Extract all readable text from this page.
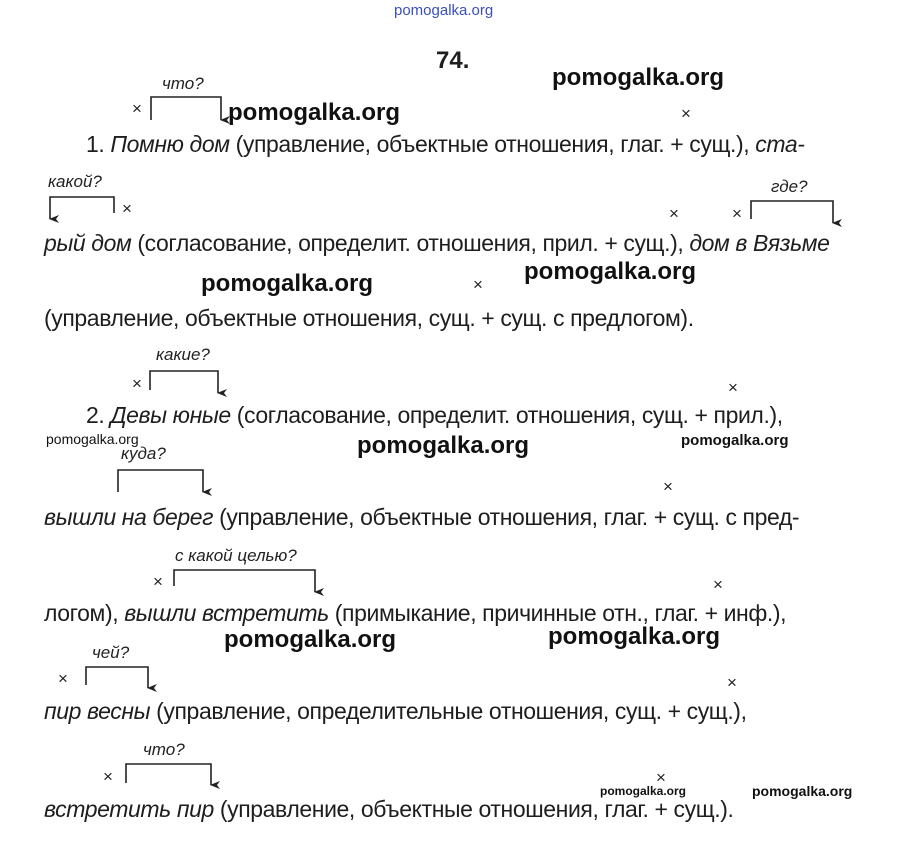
pomogalka.org
74.
pomogalka.org
pomogalka.org
pomogalka.org
pomogalka.org
pomogalka.org
pomogalka.org	pomogalka.org
pomogalka.org	pomogalka.org
pomogalka.org	pomogalka.org
что?
какой?	где?
какие?
куда?
с какой целью?
чей?
что?
×	×
×	×	×
×
×	×
×
×	×
×	×
×	×
1. Помню дом (управление, объектные отношения, глаг. + сущ.), ста-
рый дом (согласование, определит. отношения, прил. + сущ.), дом в Вязьме
(управление, объектные отношения, сущ. + сущ. с предлогом).
2. Девы юные (согласование, определит. отношения, сущ. + прил.),
вышли на берег (управление, объектные отношения, глаг. + сущ. с пред-
логом), вышли встретить (примыкание, причинные отн., глаг. + инф.),
пир весны (управление, определительные отношения, сущ. + сущ.),
встретить пир (управление, объектные отношения, глаг. + сущ.).
